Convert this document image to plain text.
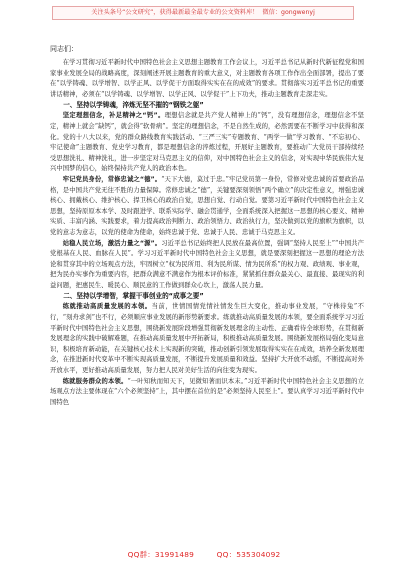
关注头条号“公文研究”，获得最新最全最专业的公文资料库！ 微信：gongwenyj

同志们：

在学习贯彻习近平新时代中国特色社会主义思想主题教育工作会议上，习近平总书记从新时代新征程党和国家事业发展全局的战略高度，深刻阐述开展主题教育的重大意义，对主题教育各项工作作出全面部署，提出了要在“以学铸魂、以学增智、以学正风、以学促干方面取得实实在在的成效”的要求。贯彻落实习近平总书记的重要讲话精神，必须在“以学铸魂、以学增智、以学正风、以学促干”上下功夫，推动主题教育走深走实。

一、坚持以学铸魂，淬炼无坚不摧的“钢铁之躯”

坚定理想信念，补足精神之“钙”。理想信念就是共产党人精神上的“钙”，没有理想信念，理想信念不坚定，精神上就会“缺钙”，就会得“软骨病”。坚定的理想信念，不是自然生成的，必然需要在不断学习中获得和深化。党的十八大以来，党的群众路线教育实践活动、“三严三实”专题教育、“两学一做”学习教育、“不忘初心、牢记使命”主题教育、党史学习教育，都是理想信念的淬炼过程，开展好主题教育，要推动广大党员干部持续经受思想洗礼、精神洗礼，进一步坚定对马克思主义的信仰，对中国特色社会主义的信念，对实现中华民族伟大复兴中国梦的信心，始终保持共产党人的政治本色。

牢记党员身份，常修忠诚之“德”。“天下大德，莫过于忠。”牢记党员第一身份，常修对党忠诚的首要政治品格，是中国共产党无往不胜的力量保障。常修忠诚之“德”，关键要深刻领悟“两个确立”的决定性意义，增强忠诚核心、拥戴核心、维护核心、捍卫核心的政治自觉，思想自觉、行动自觉。要第习近平新时代中国特色社会主义思想，坚持原原本本学、及时跟进学、联系实际学、融会贯通学，全面系统深入把握这一思想的核心要义、精神实质、丰富内涵、实践要求，着力提高政治判断力、政治领悟力、政治执行力，坚决做到以党的旗帜为旗帜，以党的意志为意志，以党的使命为使命，始终忠诚于党、忠诚于人民、忠诚于马克思主义。

站稳人民立场，激活力量之“源”。习近平总书记始终把人民放在最高位置，强调“坚持人民至上”“中国共产党根基在人民、血脉在人民”。学习习近平新时代中国特色社会主义思想，就是要深刻把握这一思想的理论方法论和贯穿其中的立场观点方法，牢固树立“权为民所用、利为民所谋、情为民所系”的权力观、政绩观、事业观，把为民办实事作为重要内容，把群众满意不满意作为根本评价标准，紧紧抓住群众最关心、最直接、最现实的利益问题，把惠民生、暖民心、顺民意的工作做到群众心坎上，激荡人民力量。

二、坚持以学增智，掌握干事创业的“成事之要”

练就推动高质量发展的本领。当前，世情国情党情社情发生巨大变化，推动事业发展，“守株待兔”不行，“刻舟求剑”也不行，必须顺应事业发展的新形势新要求。练就推动高质量发展的本领，要全面系统学习习近平新时代中国特色社会主义思想，围绕新发展阶段增强贯彻新发展理念的主动性、正确看待全球形势，在贯彻新发展理念的实践中破解难题，在推动高质量发展中开拓新局，积极推动高质量发展。围绕新发展格局强化变局意识，积极培育新动能，在关键核心技术上实现新的突破，推动创新引领发展取得实实在在成效，培养全新发展理念，在推进新时代变革中不断实现高质量发展，不断提升发展质量和效益。坚持扩大开放不动摇，不断提高对外开放水平，更好推动高质量发展，努力把人民对美好生活的向往变为现实。

练就服务群众的本领。“一叶知秋而知天下，见微知著而识本末。”习近平新时代中国特色社会主义思想的立场观点方法主要体现在“六个必须坚持”上，其中摆在首位的是“必须坚持人民至上”。要认真学习习近平新时代中国特色

QQ群：31991489	QQ：535304092
